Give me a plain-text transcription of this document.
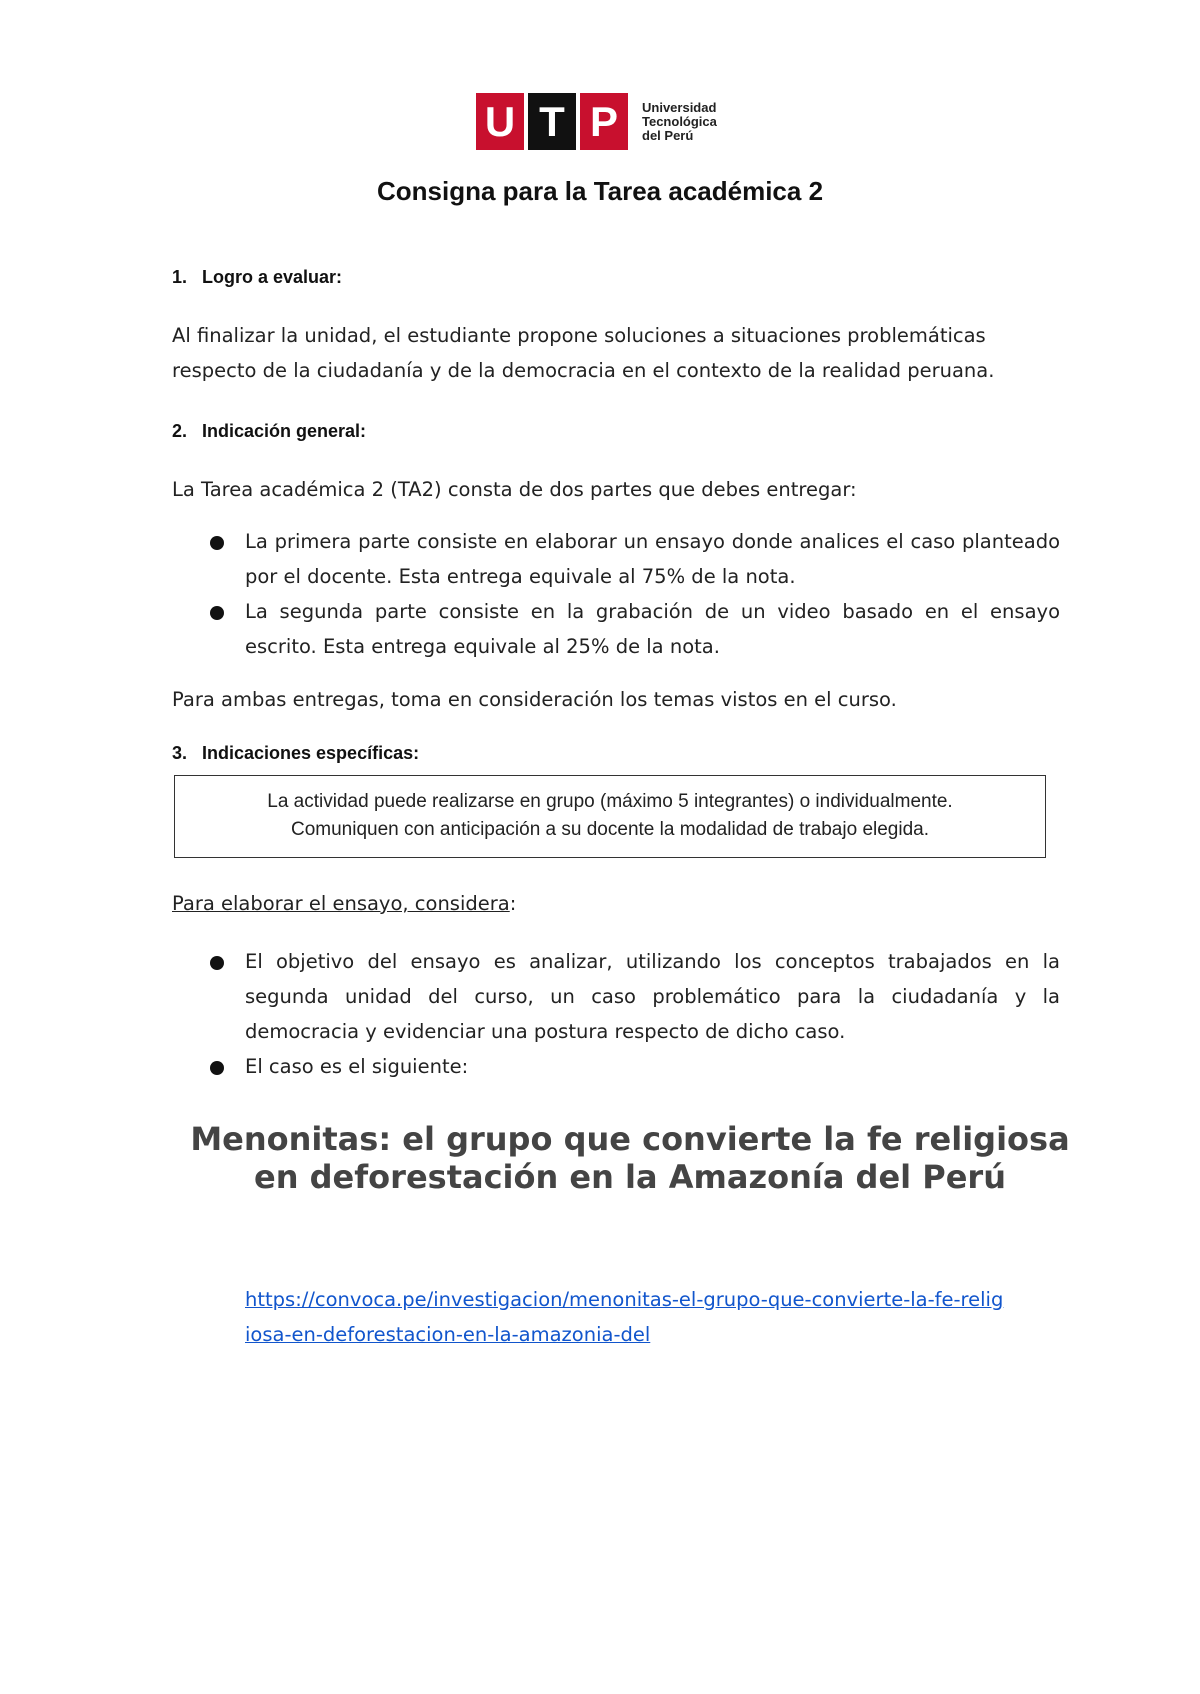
U T P	Universidad
Tecnológica
del Perú
Consigna para la Tarea académica 2
1. Logro a evaluar:
Al finalizar la unidad, el estudiante propone soluciones a situaciones problemáticas respecto de la ciudadanía y de la democracia en el contexto de la realidad peruana.
2. Indicación general:
La Tarea académica 2 (TA2) consta de dos partes que debes entregar:
La primera parte consiste en elaborar un ensayo donde analices el caso planteado por el docente. Esta entrega equivale al 75% de la nota.
La segunda parte consiste en la grabación de un video basado en el ensayo escrito. Esta entrega equivale al 25% de la nota.
Para ambas entregas, toma en consideración los temas vistos en el curso.
3. Indicaciones específicas:
La actividad puede realizarse en grupo (máximo 5 integrantes) o individualmente.
Comuniquen con anticipación a su docente la modalidad de trabajo elegida.
Para elaborar el ensayo, considera:
El objetivo del ensayo es analizar, utilizando los conceptos trabajados en la segunda unidad del curso, un caso problemático para la ciudadanía y la democracia y evidenciar una postura respecto de dicho caso.
El caso es el siguiente:
Menonitas: el grupo que convierte la fe religiosa en deforestación en la Amazonía del Perú
https://convoca.pe/investigacion/menonitas-el-grupo-que-convierte-la-fe-religiosa-en-deforestacion-en-la-amazonia-del
